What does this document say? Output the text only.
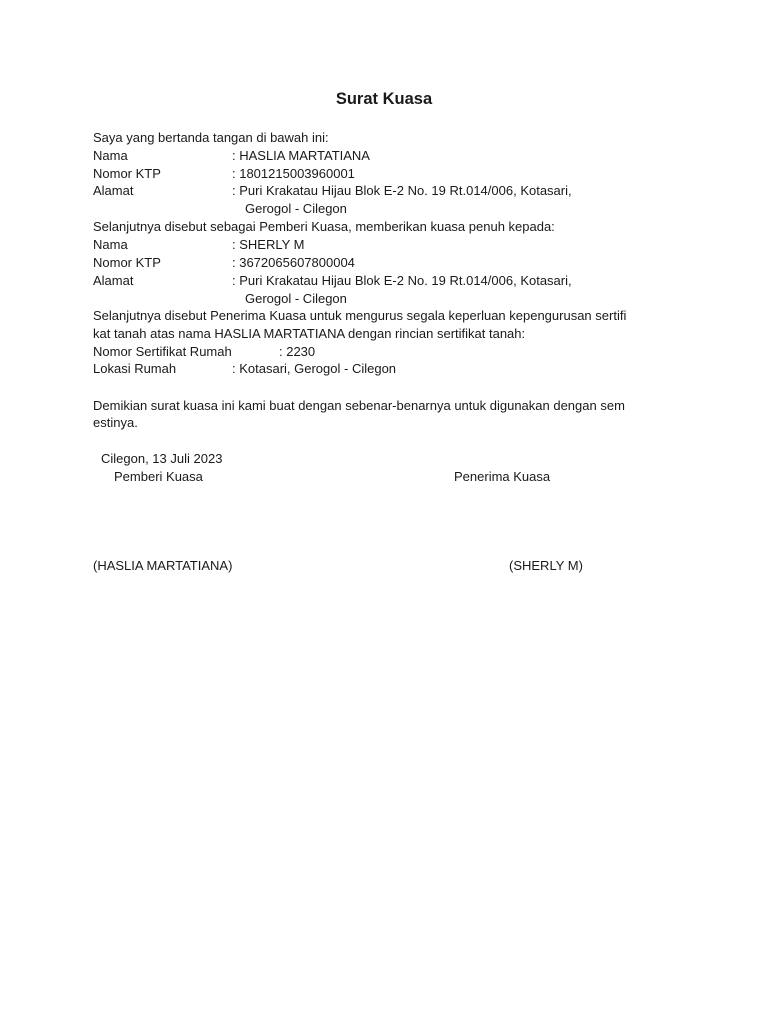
Surat Kuasa
Saya yang bertanda tangan di bawah ini:
Nama	: HASLIA MARTATIANA
Nomor KTP	: 1801215003960001
Alamat	: Puri Krakatau Hijau Blok E-2 No. 19 Rt.014/006, Kotasari,
Gerogol - Cilegon
Selanjutnya disebut sebagai Pemberi Kuasa, memberikan kuasa penuh kepada:
Nama	: SHERLY M
Nomor KTP	: 3672065607800004
Alamat	: Puri Krakatau Hijau Blok E-2 No. 19 Rt.014/006, Kotasari,
Gerogol - Cilegon
Selanjutnya disebut Penerima Kuasa untuk mengurus segala keperluan kepengurusan sertifi
kat tanah atas nama HASLIA MARTATIANA dengan rincian sertifikat tanah:
Nomor Sertifikat Rumah	: 2230
Lokasi Rumah	: Kotasari, Gerogol - Cilegon
Demikian surat kuasa ini kami buat dengan sebenar-benarnya untuk digunakan dengan sem
estinya.
Cilegon, 13 Juli 2023
Pemberi Kuasa	Penerima Kuasa
(HASLIA MARTATIANA)	(SHERLY M)
